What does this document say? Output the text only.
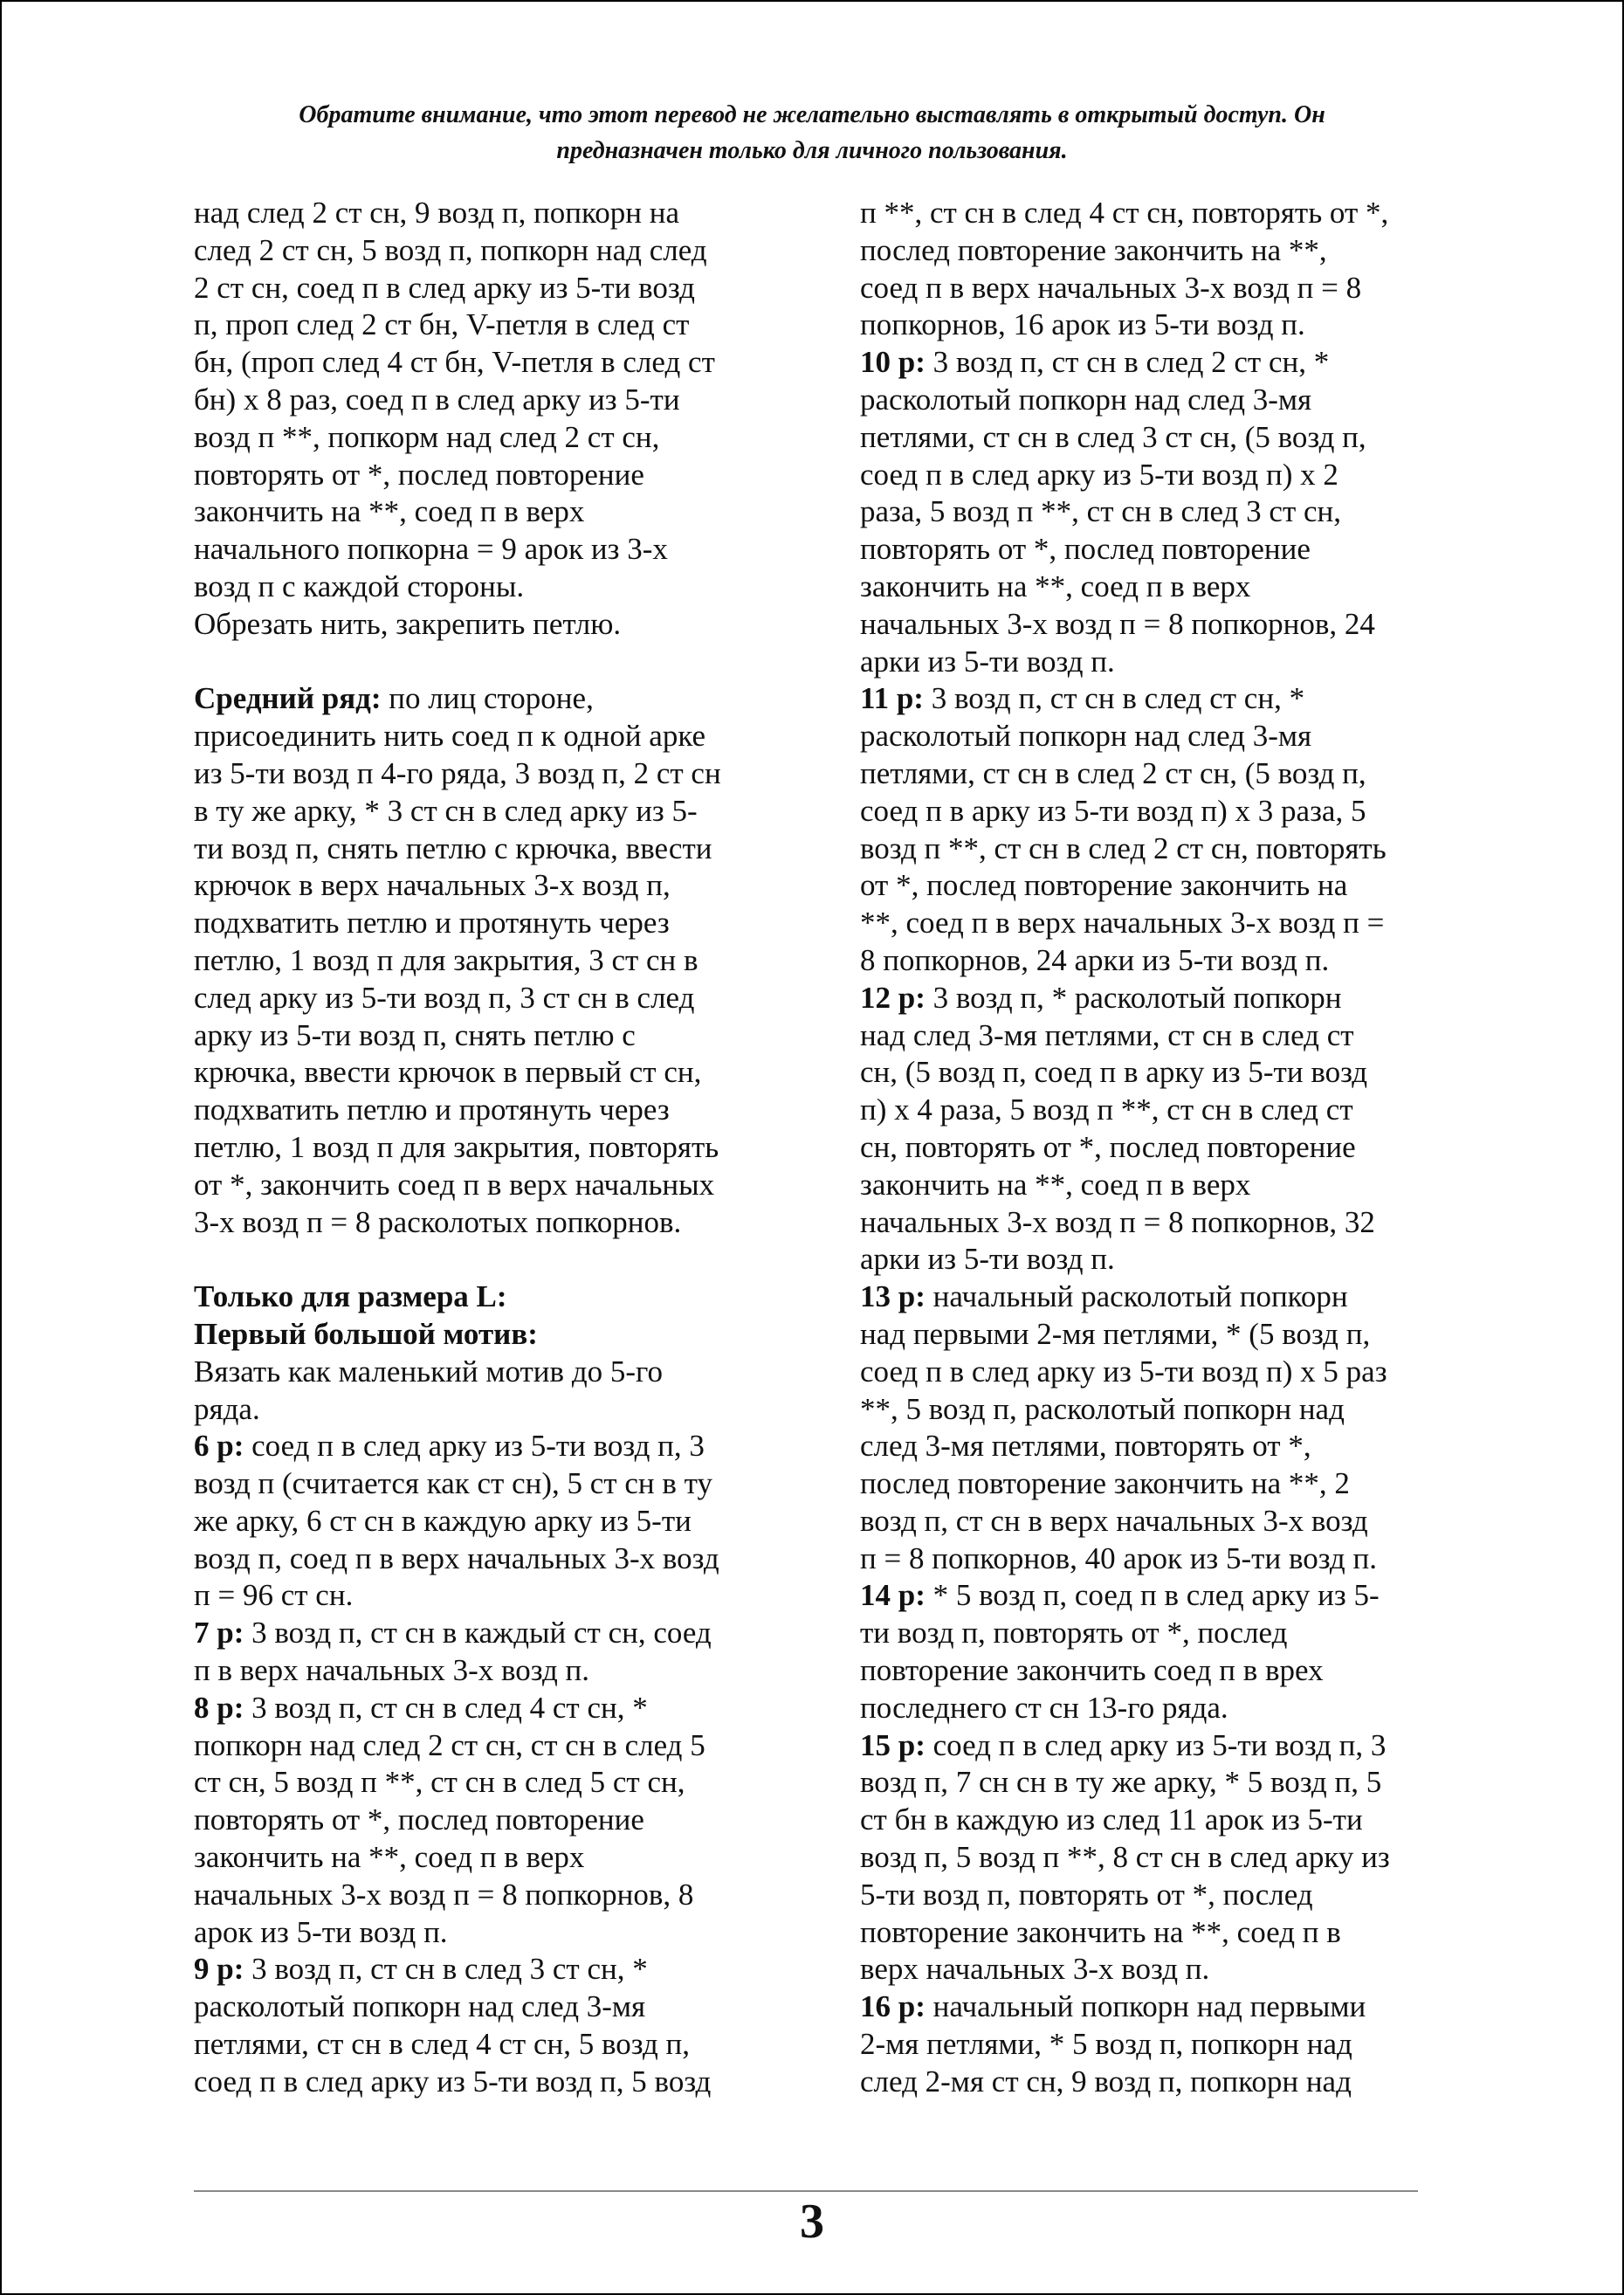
Обратите внимание, что этот перевод не желательно выставлять в открытый доступ. Он
предназначен только для личного пользования.
над след 2 ст сн, 9 возд п, попкорн на
след 2 ст сн, 5 возд п, попкорн над след
2 ст сн, соед п в след арку из 5-ти возд
п, проп след 2 ст бн, V-петля в след ст
бн, (проп след 4 ст бн, V-петля в след ст
бн) х 8 раз, соед п в след арку из 5-ти
возд п **, попкорм над след 2 ст сн,
повторять от *, послед повторение
закончить на **, соед п в верх
начального попкорна = 9 арок из 3-х
возд п с каждой стороны.
Обрезать нить, закрепить петлю.
Средний ряд: по лиц стороне,
присоединить нить соед п к одной арке
из 5-ти возд п 4-го ряда, 3 возд п, 2 ст сн
в ту же арку, * 3 ст сн в след арку из 5-
ти возд п, снять петлю с крючка, ввести
крючок в верх начальных 3-х возд п,
подхватить петлю и протянуть через
петлю, 1 возд п для закрытия, 3 ст сн в
след арку из 5-ти возд п, 3 ст сн в след
арку из 5-ти возд п, снять петлю с
крючка, ввести крючок в первый ст сн,
подхватить петлю и протянуть через
петлю, 1 возд п для закрытия, повторять
от *, закончить соед п в верх начальных
3-х возд п = 8 расколотых попкорнов.
Только для размера L:
Первый большой мотив:
Вязать как маленький мотив до 5-го
ряда.
6 р: соед п в след арку из 5-ти возд п, 3
возд п (считается как ст сн), 5 ст сн в ту
же арку, 6 ст сн в каждую арку из 5-ти
возд п, соед п в верх начальных 3-х возд
п = 96 ст сн.
7 р: 3 возд п, ст сн в каждый ст сн, соед
п в верх начальных 3-х возд п.
8 р: 3 возд п, ст сн в след 4 ст сн, *
попкорн над след 2 ст сн, ст сн в след 5
ст сн, 5 возд п **, ст сн в след 5 ст сн,
повторять от *, послед повторение
закончить на **, соед п в верх
начальных 3-х возд п = 8 попкорнов, 8
арок из 5-ти возд п.
9 р: 3 возд п, ст сн в след 3 ст сн, *
расколотый попкорн над след 3-мя
петлями, ст сн в след 4 ст сн, 5 возд п,
соед п в след арку из 5-ти возд п, 5 возд
п **, ст сн в след 4 ст сн, повторять от *,
послед повторение закончить на **,
соед п в верх начальных 3-х возд п = 8
попкорнов, 16 арок из 5-ти возд п.
10 р: 3 возд п, ст сн в след 2 ст сн, *
расколотый попкорн над след 3-мя
петлями, ст сн в след 3 ст сн, (5 возд п,
соед п в след арку из 5-ти возд п) х 2
раза, 5 возд п **, ст сн в след 3 ст сн,
повторять от *, послед повторение
закончить на **, соед п в верх
начальных 3-х возд п = 8 попкорнов, 24
арки из 5-ти возд п.
11 р: 3 возд п, ст сн в след ст сн, *
расколотый попкорн над след 3-мя
петлями, ст сн в след 2 ст сн, (5 возд п,
соед п в арку из 5-ти возд п) х 3 раза, 5
возд п **, ст сн в след 2 ст сн, повторять
от *, послед повторение закончить на
**, соед п в верх начальных 3-х возд п =
8 попкорнов, 24 арки из 5-ти возд п.
12 р: 3 возд п, * расколотый попкорн
над след 3-мя петлями, ст сн в след ст
сн, (5 возд п, соед п в арку из 5-ти возд
п) х 4 раза, 5 возд п **, ст сн в след ст
сн, повторять от *, послед повторение
закончить на **, соед п в верх
начальных 3-х возд п = 8 попкорнов, 32
арки из 5-ти возд п.
13 р: начальный расколотый попкорн
над первыми 2-мя петлями, * (5 возд п,
соед п в след арку из 5-ти возд п) х 5 раз
**, 5 возд п, расколотый попкорн над
след 3-мя петлями, повторять от *,
послед повторение закончить на **, 2
возд п, ст сн в верх начальных 3-х возд
п = 8 попкорнов, 40 арок из 5-ти возд п.
14 р: * 5 возд п, соед п в след арку из 5-
ти возд п, повторять от *, послед
повторение закончить соед п в врех
последнего ст сн 13-го ряда.
15 р: соед п в след арку из 5-ти возд п, 3
возд п, 7 сн сн в ту же арку, * 5 возд п, 5
ст бн в каждую из след 11 арок из 5-ти
возд п, 5 возд п **, 8 ст сн в след арку из
5-ти возд п, повторять от *, послед
повторение закончить на **, соед п в
верх начальных 3-х возд п.
16 р: начальный попкорн над первыми
2-мя петлями, * 5 возд п, попкорн над
след 2-мя ст сн, 9 возд п, попкорн над
3
